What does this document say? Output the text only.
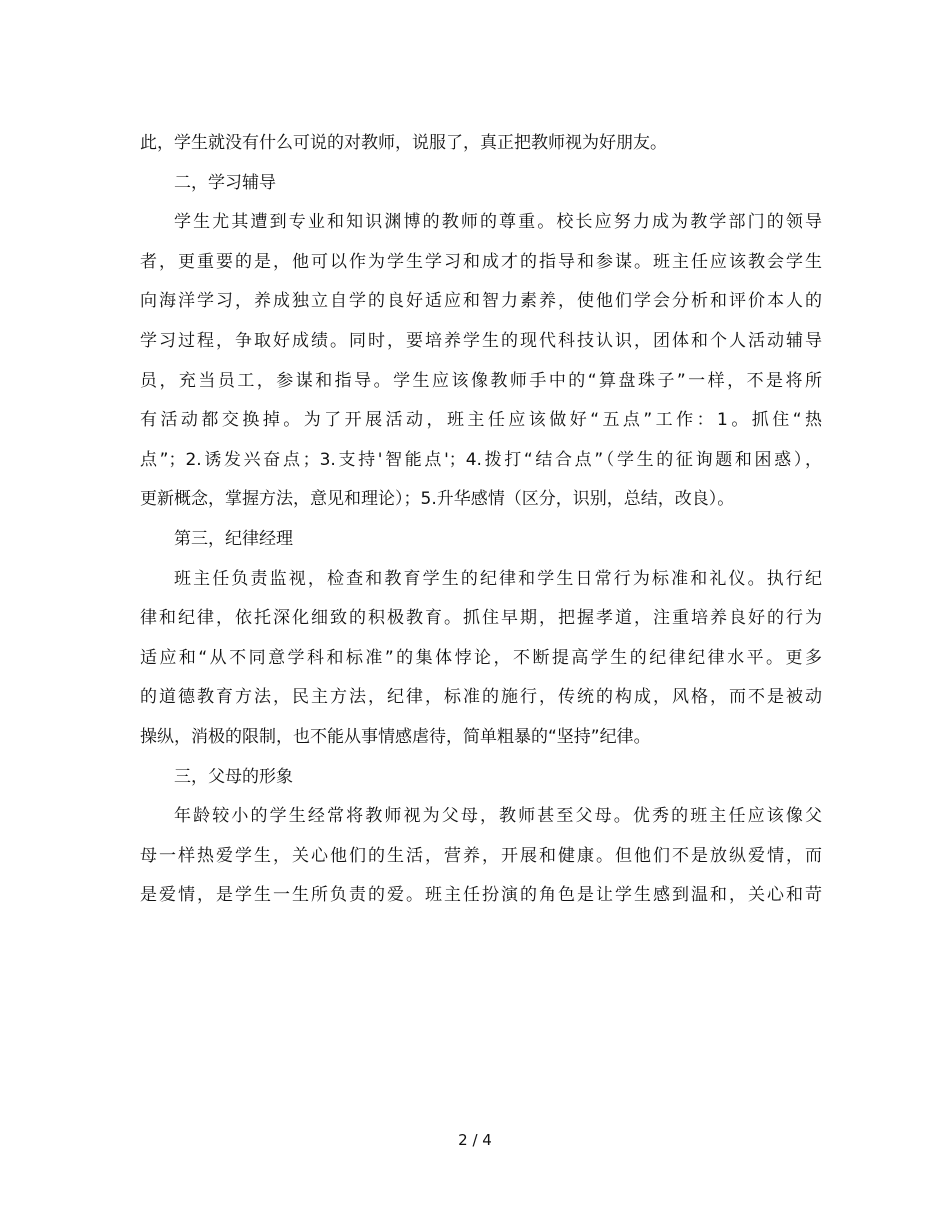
此，学生就没有什么可说的对教师，说服了，真正把教师视为好朋友。
二，学习辅导
学生尤其遭到专业和知识渊博的教师的尊重。校长应努力成为教学部门的领导
者，更重要的是，他可以作为学生学习和成才的指导和参谋。班主任应该教会学生
向海洋学习，养成独立自学的良好适应和智力素养，使他们学会分析和评价本人的
学习过程，争取好成绩。同时，要培养学生的现代科技认识，团体和个人活动辅导
员，充当员工，参谋和指导。学生应该像教师手中的“算盘珠子”一样，不是将所
有活动都交换掉。为了开展活动，班主任应该做好“五点”工作：1。抓住“热
点”；2.诱发兴奋点；3.支持'智能点'；4.拨打“结合点”（学生的征询题和困惑），
更新概念，掌握方法，意见和理论）；5.升华感情（区分，识别，总结，改良）。
第三，纪律经理
班主任负责监视，检查和教育学生的纪律和学生日常行为标准和礼仪。执行纪
律和纪律，依托深化细致的积极教育。抓住早期，把握孝道，注重培养良好的行为
适应和“从不同意学科和标准”的集体悖论，不断提高学生的纪律纪律水平。更多
的道德教育方法，民主方法，纪律，标准的施行，传统的构成，风格，而不是被动
操纵，消极的限制，也不能从事情感虐待，简单粗暴的“坚持”纪律。
三，父母的形象
年龄较小的学生经常将教师视为父母，教师甚至父母。优秀的班主任应该像父
母一样热爱学生，关心他们的生活，营养，开展和健康。但他们不是放纵爱情，而
是爱情，是学生一生所负责的爱。班主任扮演的角色是让学生感到温和，关心和苛
2 / 4
